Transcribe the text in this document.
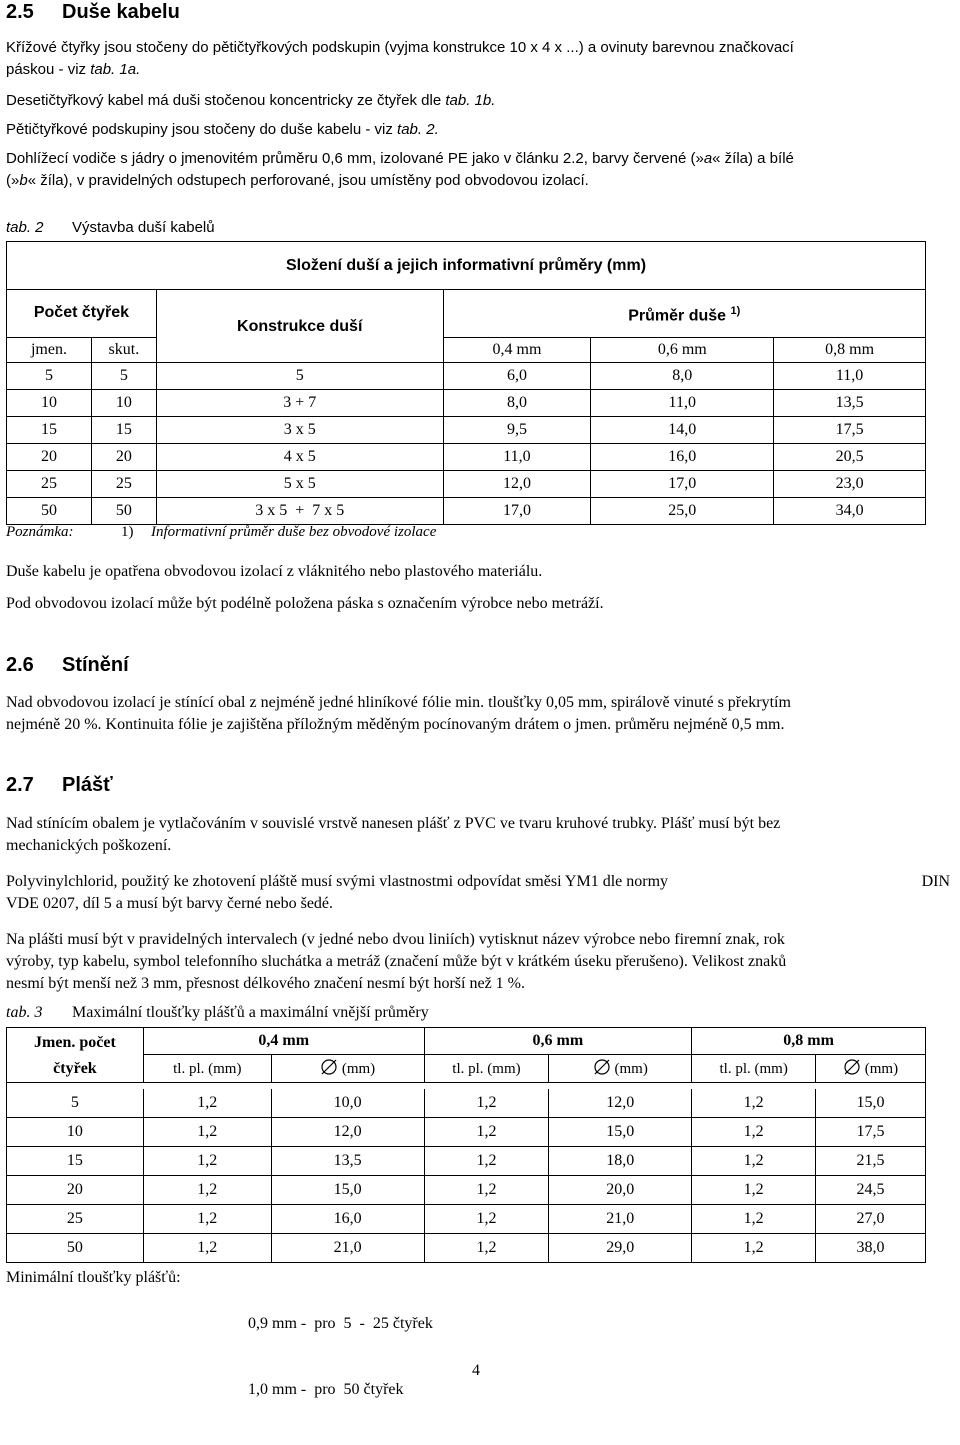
2.5 Duše kabelu

Křížové čtyřky jsou stočeny do pětičtyřkových podskupin (vyjma konstrukce 10 x 4 x ...) a ovinuty barevnou značkovací

páskou - viz tab. 1a.

Desetičtyřkový kabel má duši stočenou koncentricky ze čtyřek dle tab. 1b.

Pětičtyřkové podskupiny jsou stočeny do duše kabelu - viz tab. 2.

Dohlížecí vodiče s jádry o jmenovitém průměru 0,6 mm, izolované PE jako v článku 2.2, barvy červené (»a« žíla) a bílé

(»b« žíla), v pravidelných odstupech perforované, jsou umístěny pod obvodovou izolací.

tab. 2 Výstavba duší kabelů
Složení duší a jejich informativní průměry (mm)					
Počet čtyřek		Konstrukce duší	Průměr duše $^{1)}$
jmen.	skut.		0,4 mm	0,6 mm	0,8 mm
5	5	5	6,0	8,0	11,0
10	10	3 + 7	8,0	11,0	13,5
15	15	3 x 5	9,5	14,0	17,5
20	20	4 x 5	11,0	16,0	20,5
25	25	5 x 5	12,0	17,0	23,0
50	50	3 x 5  +  7 x 5	17,0	25,0	34,0
Poznámka:	1) Informativní průměr duše bez obvodové izolace

Duše kabelu je opatřena obvodovou izolací z vláknitého nebo plastového materiálu.

Pod obvodovou izolací může být podélně položena páska s označením výrobce nebo metráží.

2.6 Stínění

Nad obvodovou izolací je stínící obal z nejméně jedné hliníkové fólie min. tloušťky 0,05 mm, spirálově vinuté s překrytím

nejméně 20 %. Kontinuita fólie je zajištěna příložným měděným pocínovaným drátem o jmen. průměru nejméně 0,5 mm.

2.7 Plášť

Nad stínícím obalem je vytlačováním v souvislé vrstvě nanesen plášť z PVC ve tvaru kruhové trubky. Plášť musí být bez

mechanických poškození.

Polyvinylchlorid, použitý ke zhotovení pláště musí svými vlastnostmi odpovídat směsi YM1 dle normy	DIN

VDE 0207, díl 5 a musí být barvy černé nebo šedé.

Na plášti musí být v pravidelných intervalech (v jedné nebo dvou liniích) vytisknut název výrobce nebo firemní znak, rok

výroby, typ kabelu, symbol telefonního sluchátka a metráž (značení může být v krátkém úseku přerušeno). Velikost znaků

nesmí být menší než 3 mm, přesnost délkového značení nesmí být horší než 1 %.

tab. 3 Maximální tloušťky plášťů a maximální vnější průměry
Jmen. počet
čtyřek	0,4 mm		0,6 mm		0,8 mm	
	tl. pl. (mm)	(mm)	tl. pl. (mm)	(mm)	tl. pl. (mm)	(mm)

5	1,2	10,0	1,2	12,0	1,2	15,0
10	1,2	12,0	1,2	15,0	1,2	17,5
15	1,2	13,5	1,2	18,0	1,2	21,5
20	1,2	15,0	1,2	20,0	1,2	24,5
25	1,2	16,0	1,2	21,0	1,2	27,0
50	1,2	21,0	1,2	29,0	1,2	38,0
Minimální tloušťky plášťů:

0,9 mm -  pro  5  -  25 čtyřek

1,0 mm -  pro  50 čtyřek

4
